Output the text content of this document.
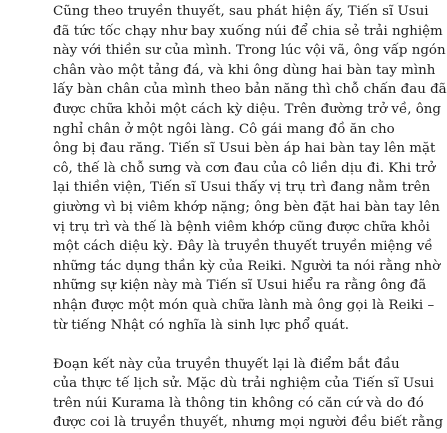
Cũng theo truyền thuyết, sau phát hiện ấy, Tiến sĩ Usui
đã tức tốc chạy như bay xuống núi để chia sẻ trải nghiệm
này với thiền sư của mình. Trong lúc vội vã, ông vấp ngón
chân vào một tảng đá, và khi ông dùng hai bàn tay mình
lấy bàn chân của mình theo bản năng thì chỗ chấn đau đã
được chữa khỏi một cách kỳ diệu. Trên đường trở về, ông
nghỉ chân ở một ngôi làng. Cô gái mang đồ ăn cho
ông bị đau răng. Tiến sĩ Usui bèn áp hai bàn tay lên mặt
cô, thế là chỗ sưng và cơn đau của cô liền dịu đi. Khi trở
lại thiền viện, Tiến sĩ Usui thấy vị trụ trì đang nằm trên
giường vì bị viêm khớp nặng; ông bèn đặt hai bàn tay lên
vị trụ trì và thế là bệnh viêm khớp cũng được chữa khỏi
một cách diệu kỳ. Đây là truyền thuyết truyền miệng về
những tác dụng thần kỳ của Reiki. Người ta nói rằng nhờ
những sự kiện này mà Tiến sĩ Usui hiểu ra rằng ông đã
nhận được một món quà chữa lành mà ông gọi là Reiki –
từ tiếng Nhật có nghĩa là sinh lực phổ quát.
Đoạn kết này của truyền thuyết lại là điểm bắt đầu
của thực tế lịch sử. Mặc dù trải nghiệm của Tiến sĩ Usui
trên núi Kurama là thông tin không có căn cứ và do đó
được coi là truyền thuyết, nhưng mọi người đều biết rằng
